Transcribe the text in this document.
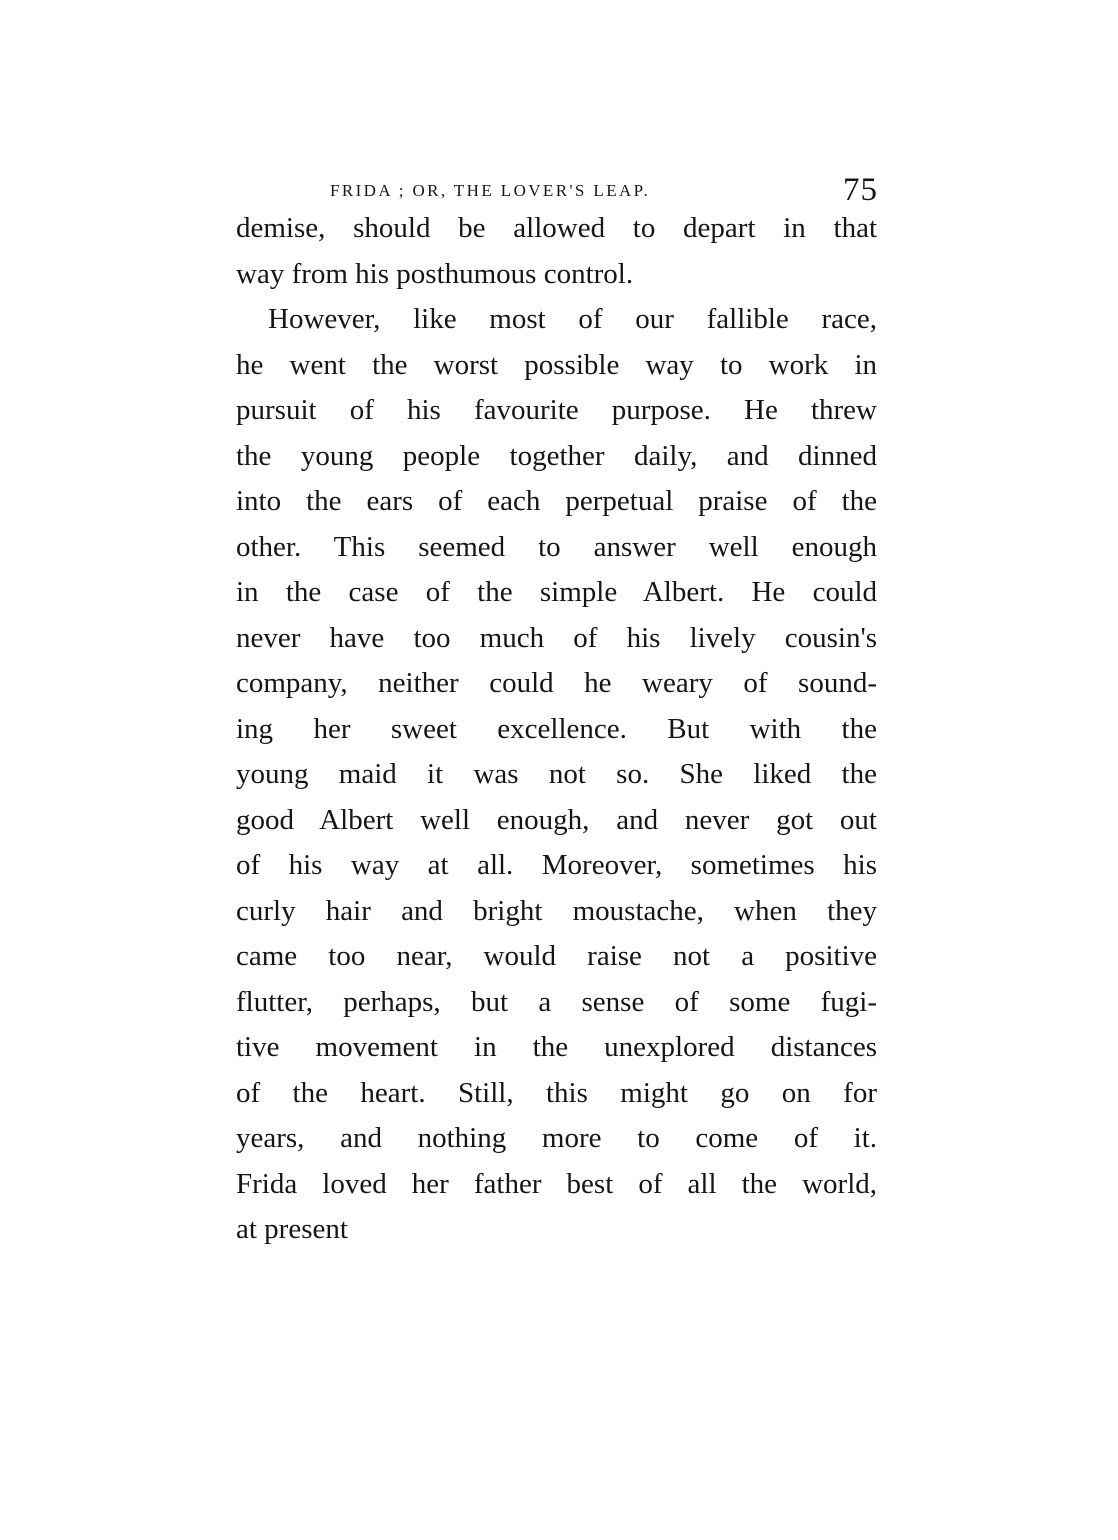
FRIDA ; OR, THE LOVER'S LEAP.	75
demise, should be allowed to depart in that
way from his posthumous control.
However, like most of our fallible race,
he went the worst possible way to work in
pursuit of his favourite purpose. He threw
the young people together daily, and dinned
into the ears of each perpetual praise of the
other. This seemed to answer well enough
in the case of the simple Albert. He could
never have too much of his lively cousin's
company, neither could he weary of sound-
ing her sweet excellence. But with the
young maid it was not so. She liked the
good Albert well enough, and never got out
of his way at all. Moreover, sometimes his
curly hair and bright moustache, when they
came too near, would raise not a positive
flutter, perhaps, but a sense of some fugi-
tive movement in the unexplored distances
of the heart. Still, this might go on for
years, and nothing more to come of it.
Frida loved her father best of all the world,
at present
